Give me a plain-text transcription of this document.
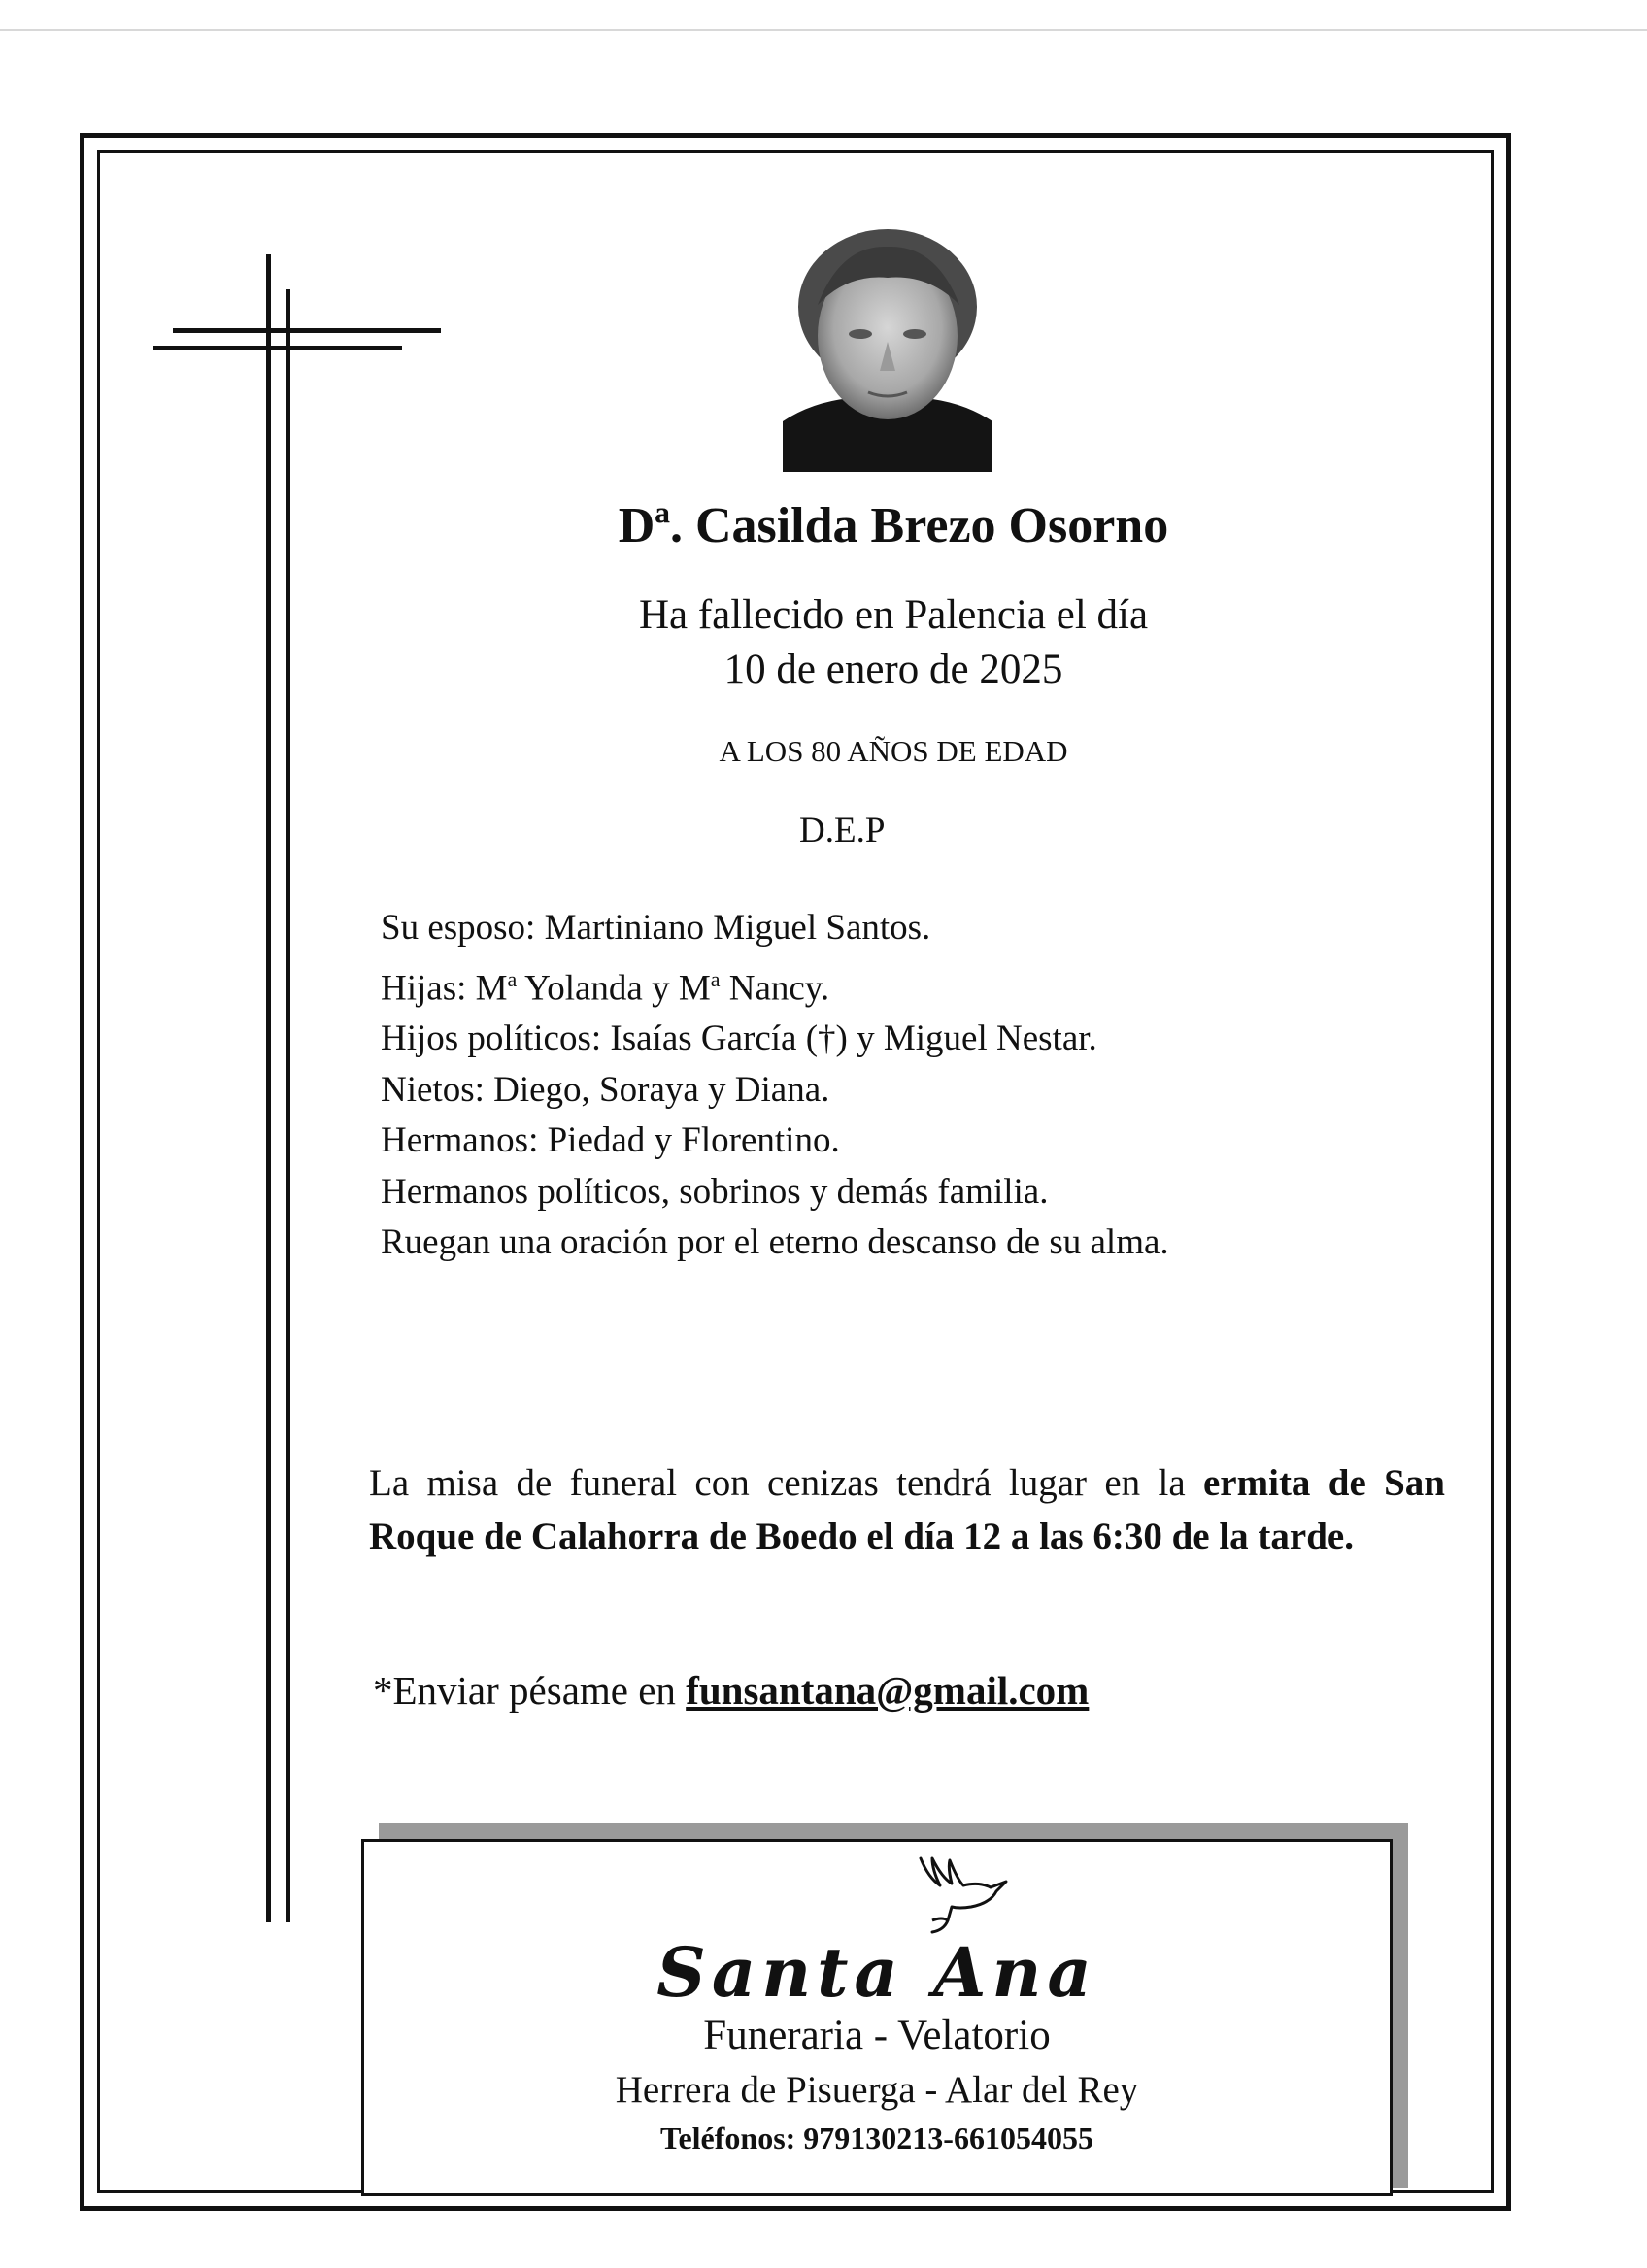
Dª. Casilda Brezo Osorno
Ha fallecido en Palencia el día
10 de enero de 2025
A LOS 80 AÑOS DE EDAD
D.E.P
Su esposo: Martiniano Miguel Santos.
Hijas: $M^a$ Yolanda y $M^a$ Nancy.
Hijos políticos: Isaías García (†) y Miguel Nestar.
Nietos: Diego, Soraya y Diana.
Hermanos: Piedad y Florentino.
Hermanos políticos, sobrinos y demás familia.
Ruegan una oración por el eterno descanso de su alma.
La misa de funeral con cenizas tendrá lugar en la ermita de San Roque de Calahorra de Boedo el día 12 a las 6:30 de la tarde.
*Enviar pésame en funsantana@gmail.com
Santa Ana
Funeraria - Velatorio
Herrera de Pisuerga - Alar del Rey
Teléfonos: 979130213-661054055
